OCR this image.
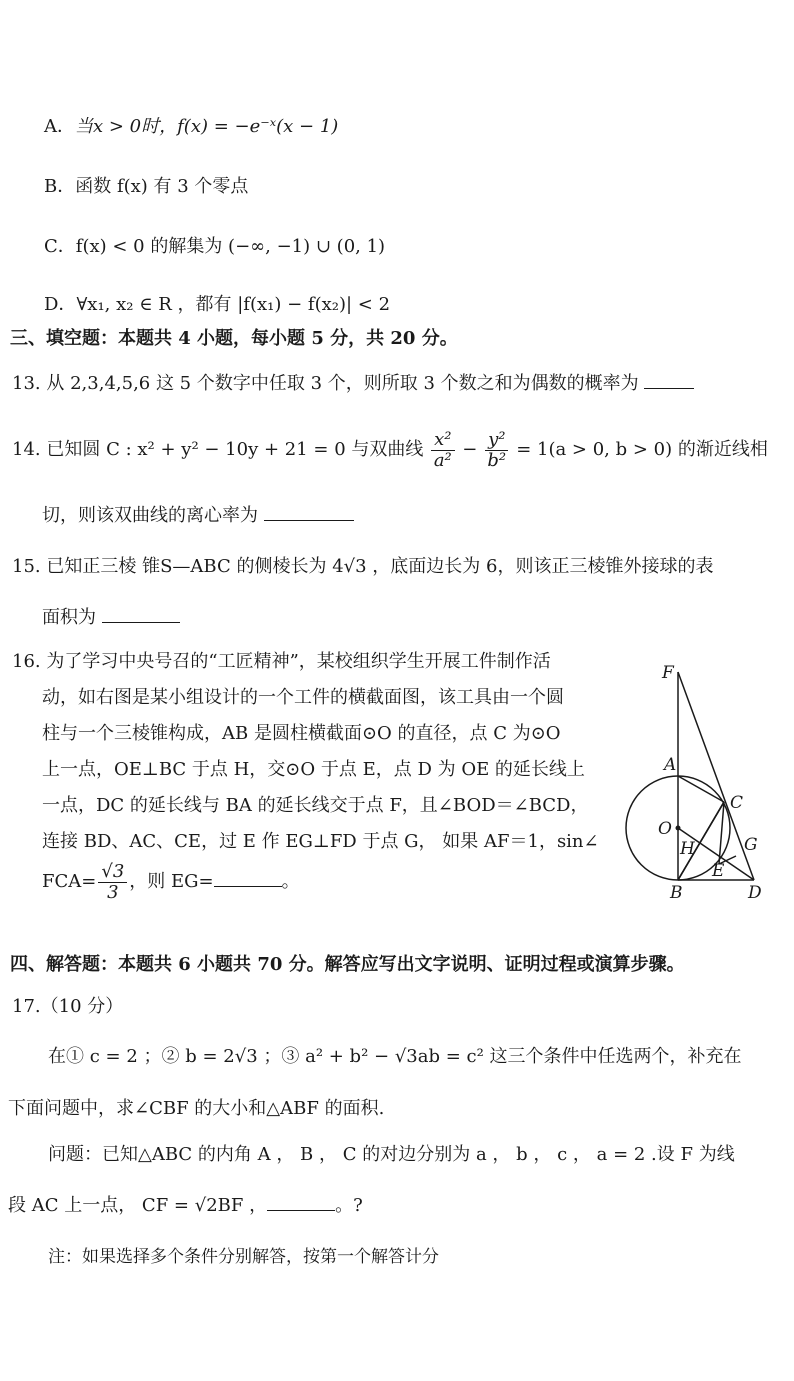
A．当x > 0时，f(x) = −e⁻ˣ(x − 1)
B．函数 f(x) 有 3 个零点
C．f(x) < 0 的解集为 (−∞, −1) ∪ (0, 1)
D．∀x₁, x₂ ∈ R ，都有 |f(x₁) − f(x₂)| < 2
三、填空题：本题共 4 小题，每小题 5 分，共 20 分。
13. 从 2,3,4,5,6 这 5 个数字中任取 3 个，则所取 3 个数之和为偶数的概率为
14. 已知圆 C : x² + y² − 10y + 21 = 0 与双曲线 $\frac{\text{x²}}{\text{a²}} - \frac{\text{y²}}{\text{b²}} = 1(a > 0$, b > 0) 的渐近线相
切，则该双曲线的离心率为
15. 已知正三棱 锥S—ABC 的侧棱长为 4√3 ，底面边长为 6，则该正三棱锥外接球的表
面积为
16. 为了学习中央号召的“工匠精神”，某校组织学生开展工件制作活
动，如右图是某小组设计的一个工件的横截面图，该工具由一个圆
柱与一个三棱锥构成，AB 是圆柱横截面⊙O 的直径，点 C 为⊙O
上一点，OE⊥BC 于点 H，交⊙O 于点 E，点 D 为 OE 的延长线上
一点，DC 的延长线与 BA 的延长线交于点 F，且∠BOD＝∠BCD，
连接 BD、AC、CE，过 E 作 EG⊥FD 于点 G， 如果 AF＝1，sin∠
$FCA= \frac{√3}{3}$ ，则 EG=	。
F
A
C
O
H	G
E
B	D
四、解答题：本题共 6 小题共 70 分。解答应写出文字说明、证明过程或演算步骤。
17.（10 分）
在① c = 2 ；② b = 2√3 ；③ a² + b² − √3ab = c² 这三个条件中任选两个，补充在
下面问题中，求∠CBF 的大小和△ABF 的面积.
问题：已知△ABC 的内角 A ， B ， C 的对边分别为 a ， b ， c ， a = 2 .设 F 为线
段 AC 上一点， CF = √2BF ，	。?
注：如果选择多个条件分别解答，按第一个解答计分
